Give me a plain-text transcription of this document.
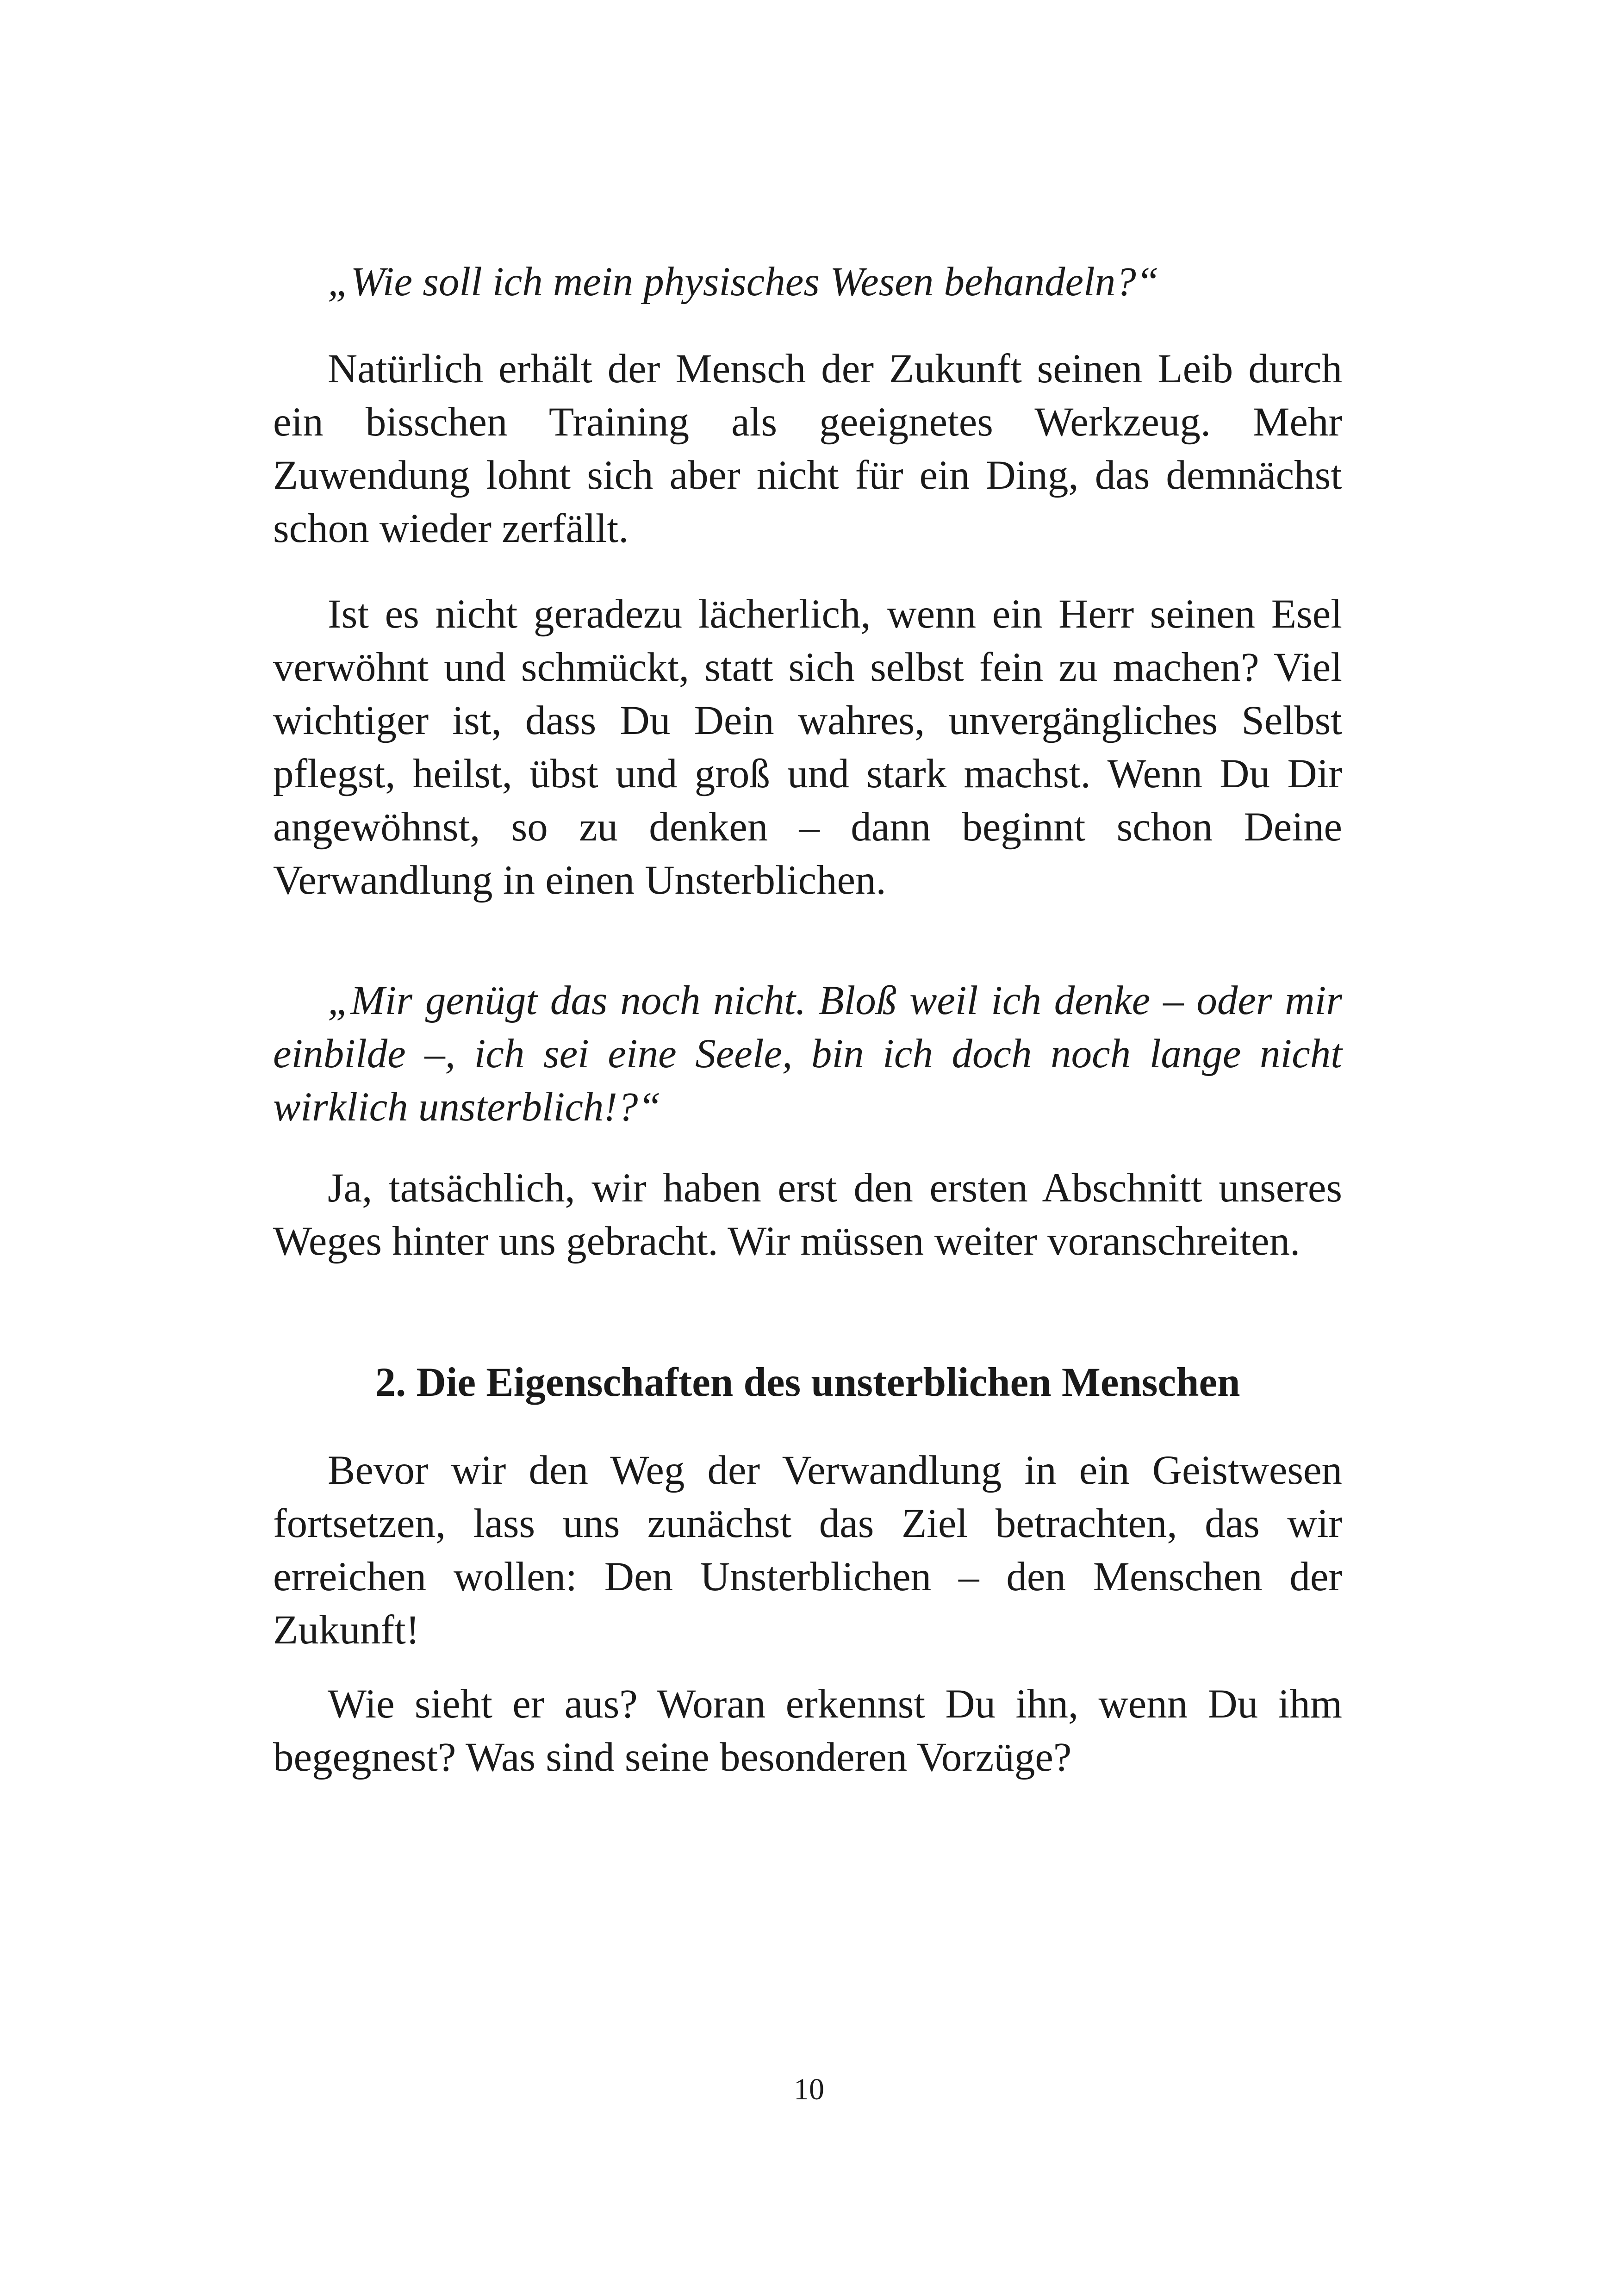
„Wie soll ich mein physisches Wesen behandeln?“

Natürlich erhält der Mensch der Zukunft seinen Leib durch ein bisschen Training als geeignetes Werkzeug. Mehr Zuwendung lohnt sich aber nicht für ein Ding, das demnächst schon wieder zerfällt.

Ist es nicht geradezu lächerlich, wenn ein Herr seinen Esel verwöhnt und schmückt, statt sich selbst fein zu machen? Viel wichtiger ist, dass Du Dein wahres, unvergängliches Selbst pflegst, heilst, übst und groß und stark machst. Wenn Du Dir angewöhnst, so zu denken – dann beginnt schon Deine Verwandlung in einen Unsterblichen.

„Mir genügt das noch nicht. Bloß weil ich denke – oder mir einbilde –, ich sei eine Seele, bin ich doch noch lange nicht wirklich unsterblich!?“

Ja, tatsächlich, wir haben erst den ersten Abschnitt unseres Weges hinter uns gebracht. Wir müssen weiter voranschreiten.

2. Die Eigenschaften des unsterblichen Menschen

Bevor wir den Weg der Verwandlung in ein Geistwesen fortsetzen, lass uns zunächst das Ziel betrachten, das wir erreichen wollen: Den Unsterblichen – den Menschen der Zukunft!

Wie sieht er aus? Woran erkennst Du ihn, wenn Du ihm begegnest? Was sind seine besonderen Vorzüge?

10
